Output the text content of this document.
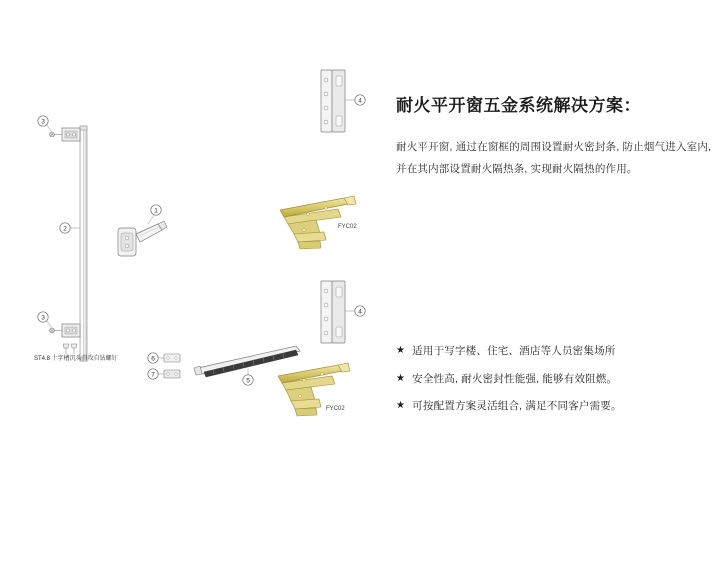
1
2
3
3
4
4
5
6
7
ST4.8 十字槽沉头自攻自钻螺钉
FYC02
FYC02
耐火平开窗五金系统解决方案：

耐火平开窗, 通过在窗框的周围设置耐火密封条, 防止烟气进入室内, 并在其内部设置耐火隔热条, 实现耐火隔热的作用。

★ 适用于写字楼、住宅、酒店等人员密集场所
★ 安全性高, 耐火密封性能强, 能够有效阻燃。
★ 可按配置方案灵活组合, 满足不同客户需要。
